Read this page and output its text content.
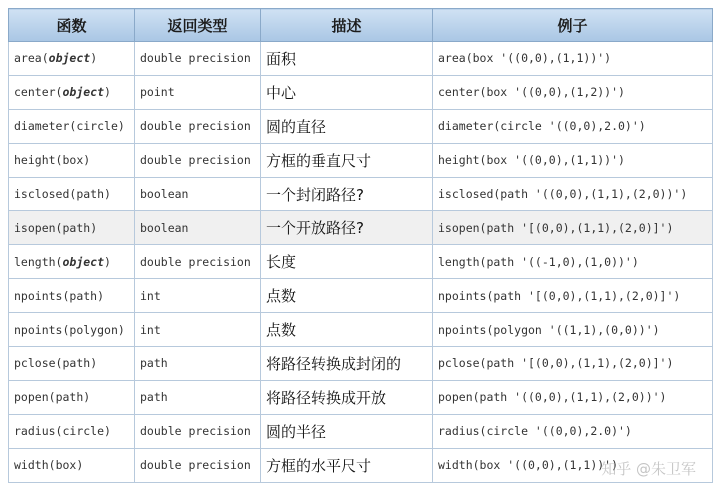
函数	返回类型	描述	例子
area(object)	double precision	面积	area(box '((0,0),(1,1))')
center(object)	point	中心	center(box '((0,0),(1,2))')
diameter(circle)	double precision	圆的直径	diameter(circle '((0,0),2.0)')
height(box)	double precision	方框的垂直尺寸	height(box '((0,0),(1,1))')
isclosed(path)	boolean	一个封闭路径?	isclosed(path '((0,0),(1,1),(2,0))')
isopen(path)	boolean	一个开放路径?	isopen(path '[(0,0),(1,1),(2,0)]')
length(object)	double precision	长度	length(path '((-1,0),(1,0))')
npoints(path)	int	点数	npoints(path '[(0,0),(1,1),(2,0)]')
npoints(polygon)	int	点数	npoints(polygon '((1,1),(0,0))')
pclose(path)	path	将路径转换成封闭的	pclose(path '[(0,0),(1,1),(2,0)]')
popen(path)	path	将路径转换成开放	popen(path '((0,0),(1,1),(2,0))')
radius(circle)	double precision	圆的半径	radius(circle '((0,0),2.0)')
width(box)	double precision	方框的水平尺寸	width(box '((0,0),(1,1))')
知乎 @朱卫军
